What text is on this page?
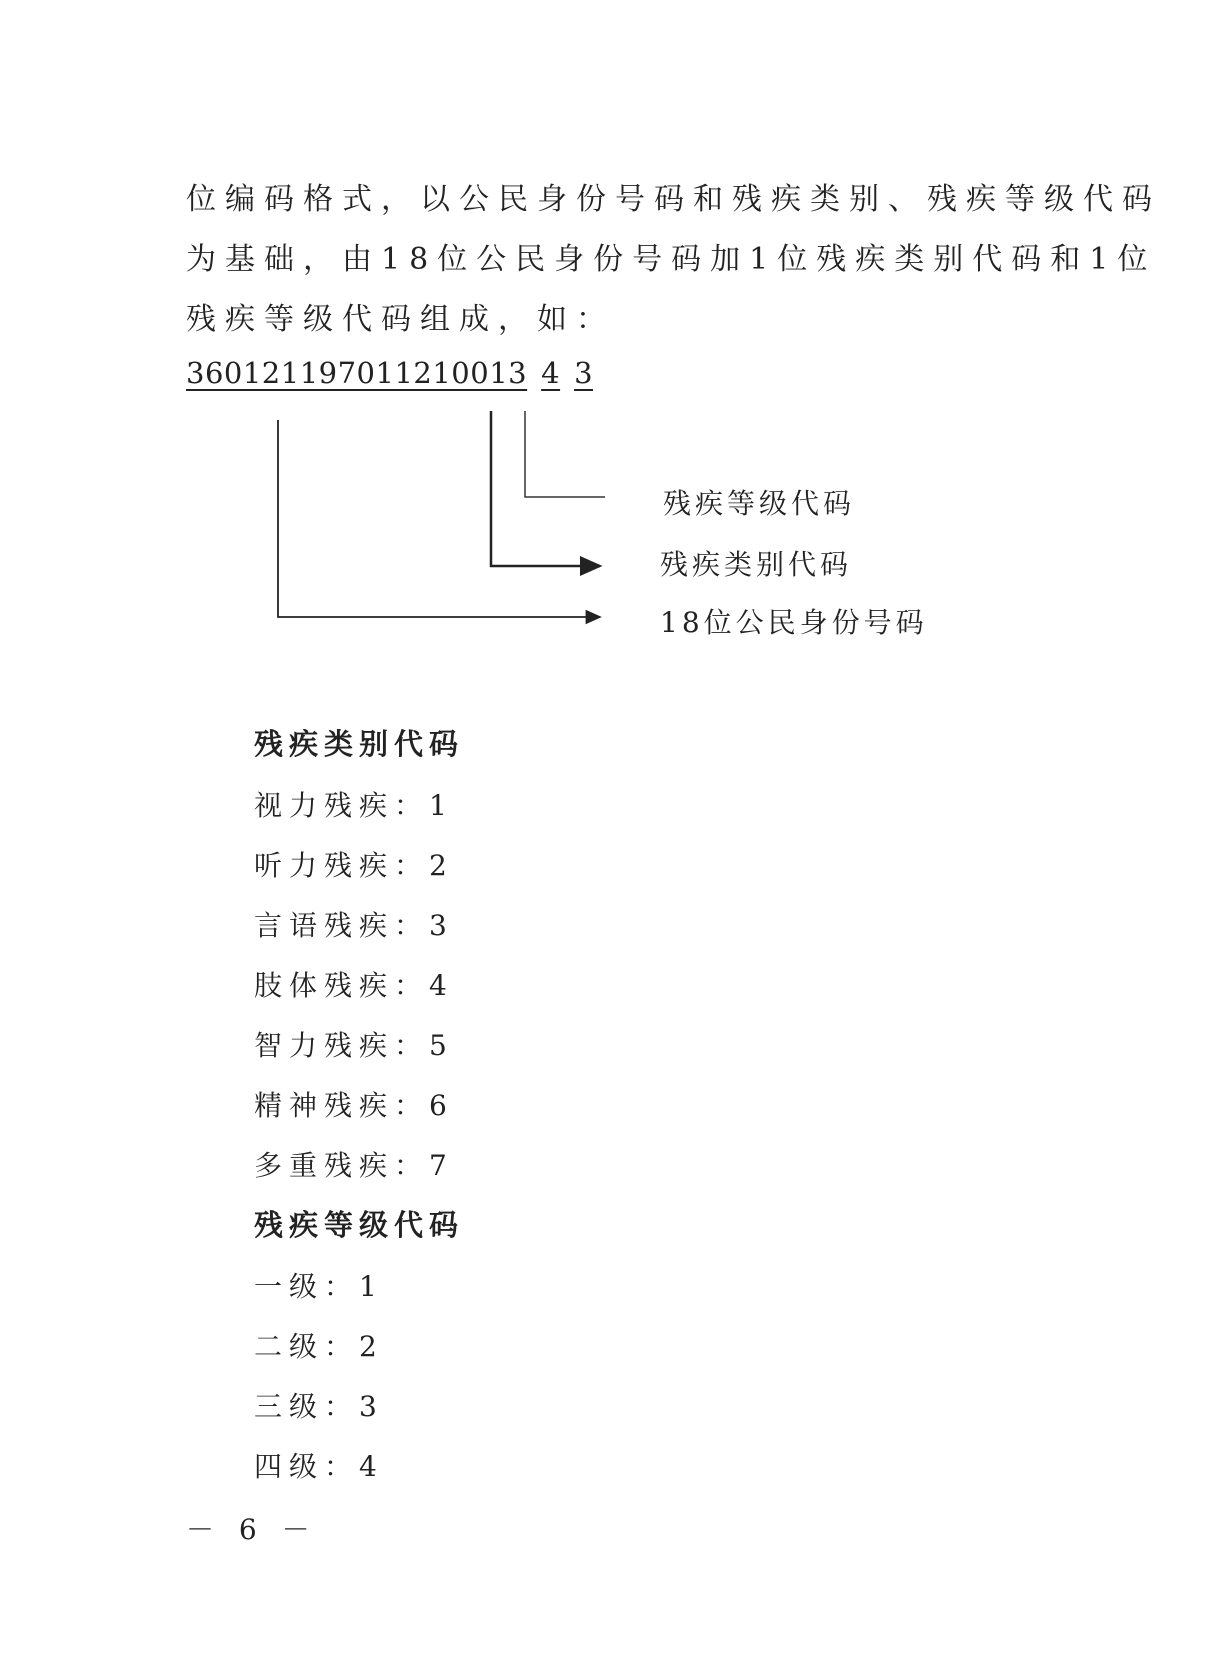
位编码格式，以公民身份号码和残疾类别、残疾等级代码

为基础，由18位公民身份号码加1位残疾类别代码和1位

残疾等级代码组成，如：

360121197011210013 4 3
残疾等级代码
残疾类别代码
18位公民身份号码
残疾类别代码
视力残疾：1
听力残疾：2
言语残疾：3
肢体残疾：4
智力残疾：5
精神残疾：6
多重残疾：7
残疾等级代码
一级：1
二级：2
三级：3
四级：4
－ 6 －
